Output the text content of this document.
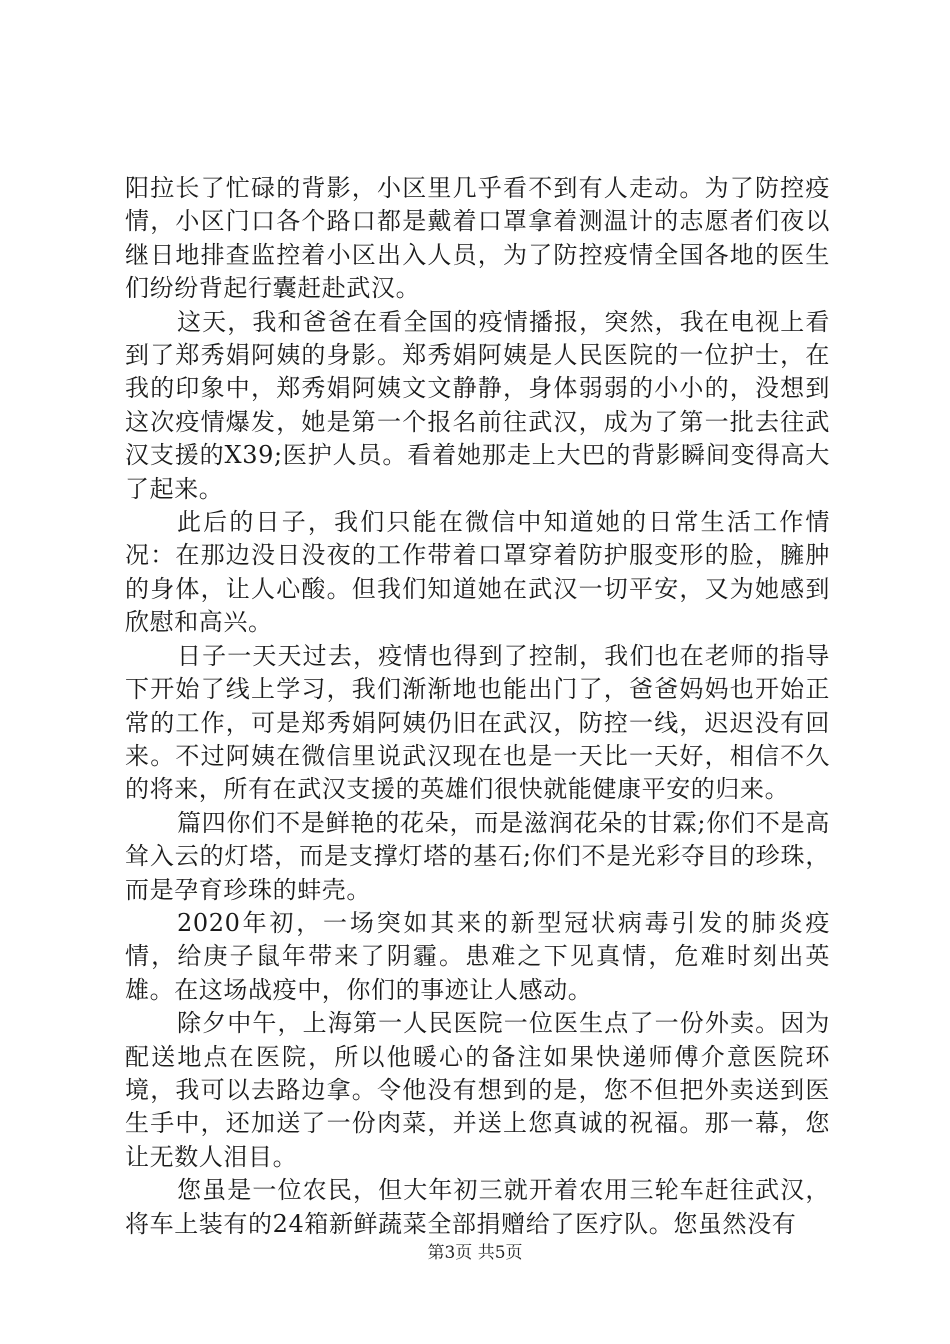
阳拉长了忙碌的背影，小区里几乎看不到有人走动。为了防控疫情，小区门口各个路口都是戴着口罩拿着测温计的志愿者们夜以继日地排查监控着小区出入人员，为了防控疫情全国各地的医生们纷纷背起行囊赶赴武汉。

这天，我和爸爸在看全国的疫情播报，突然，我在电视上看到了郑秀娟阿姨的身影。郑秀娟阿姨是人民医院的一位护士，在我的印象中，郑秀娟阿姨文文静静，身体弱弱的小小的，没想到这次疫情爆发，她是第一个报名前往武汉，成为了第一批去往武汉支援的X39;医护人员。看着她那走上大巴的背影瞬间变得高大了起来。

此后的日子，我们只能在微信中知道她的日常生活工作情况：在那边没日没夜的工作带着口罩穿着防护服变形的脸，臃肿的身体，让人心酸。但我们知道她在武汉一切平安，又为她感到欣慰和高兴。

日子一天天过去，疫情也得到了控制，我们也在老师的指导下开始了线上学习，我们渐渐地也能出门了，爸爸妈妈也开始正常的工作，可是郑秀娟阿姨仍旧在武汉，防控一线，迟迟没有回来。不过阿姨在微信里说武汉现在也是一天比一天好，相信不久的将来，所有在武汉支援的英雄们很快就能健康平安的归来。

篇四你们不是鲜艳的花朵，而是滋润花朵的甘霖;你们不是高耸入云的灯塔，而是支撑灯塔的基石;你们不是光彩夺目的珍珠，而是孕育珍珠的蚌壳。

2020年初，一场突如其来的新型冠状病毒引发的肺炎疫情，给庚子鼠年带来了阴霾。患难之下见真情，危难时刻出英雄。在这场战疫中，你们的事迹让人感动。

除夕中午，上海第一人民医院一位医生点了一份外卖。因为配送地点在医院，所以他暖心的备注如果快递师傅介意医院环境，我可以去路边拿。令他没有想到的是，您不但把外卖送到医生手中，还加送了一份肉菜，并送上您真诚的祝福。那一幕，您让无数人泪目。

您虽是一位农民，但大年初三就开着农用三轮车赶往武汉，将车上装有的24箱新鲜蔬菜全部捐赠给了医疗队。您虽然没有

第3页 共5页
